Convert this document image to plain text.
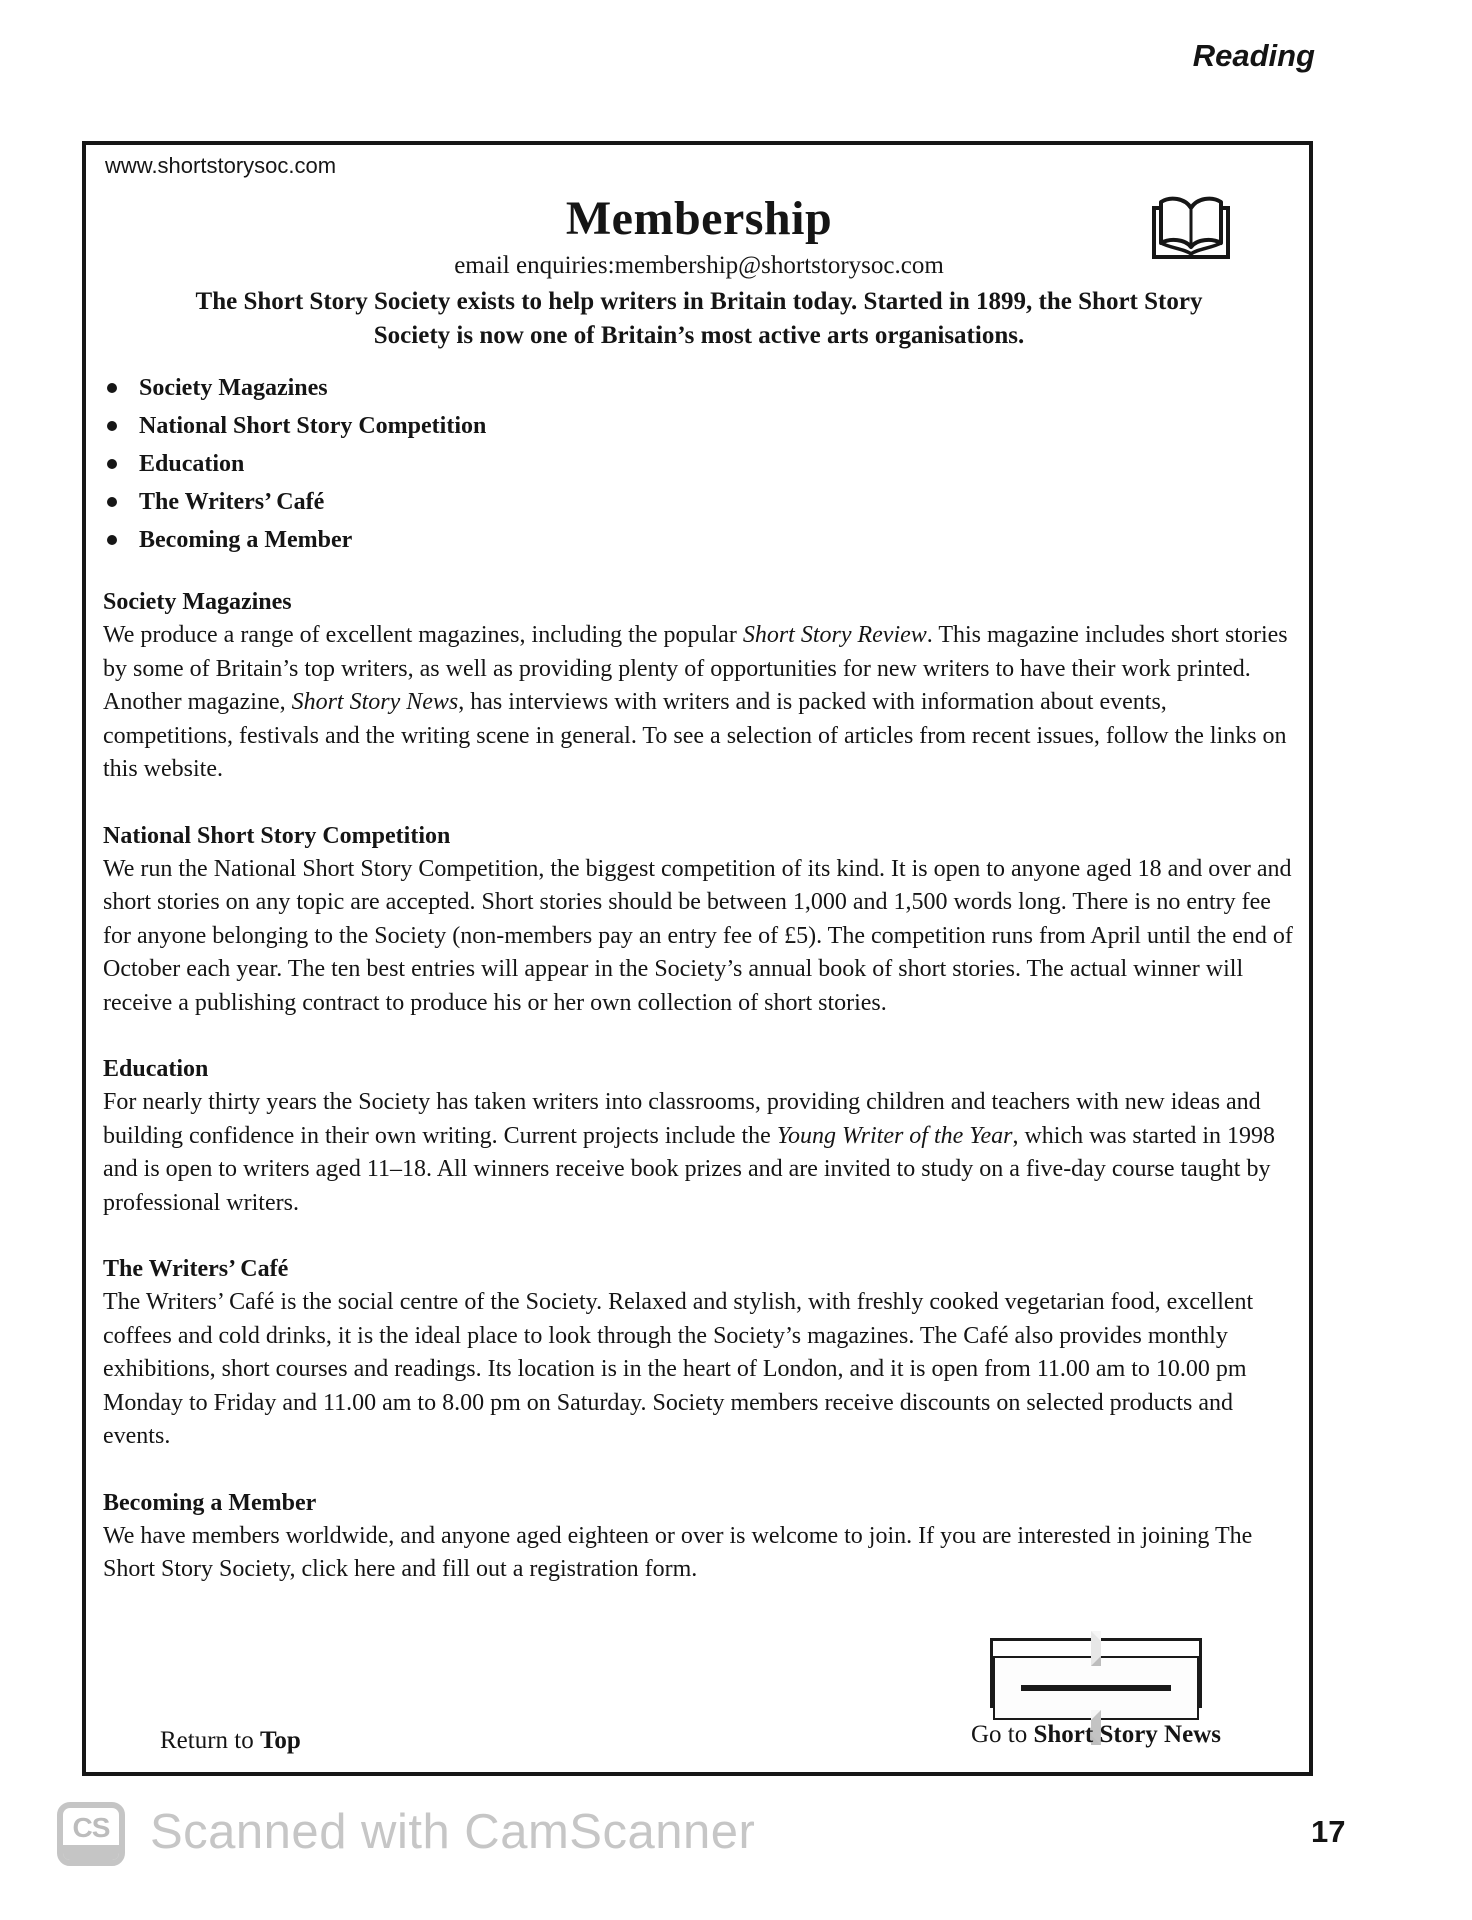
Reading
www.shortstorysoc.com
Membership
email enquiries:membership@shortstorysoc.com
The Short Story Society exists to help writers in Britain today. Started in 1899, the Short Story
Society is now one of Britain’s most active arts organisations.
Society Magazines
National Short Story Competition
Education
The Writers’ Café
Becoming a Member
Society Magazines

We produce a range of excellent magazines, including the popular Short Story Review. This magazine includes short stories by some of Britain’s top writers, as well as providing plenty of opportunities for new writers to have their work printed. Another magazine, Short Story News, has interviews with writers and is packed with information about events, competitions, festivals and the writing scene in general. To see a selection of articles from recent issues, follow the links on this website.

National Short Story Competition

We run the National Short Story Competition, the biggest competition of its kind. It is open to anyone aged 18 and over and short stories on any topic are accepted. Short stories should be between 1,000 and 1,500 words long. There is no entry fee for anyone belonging to the Society (non-members pay an entry fee of £5). The competition runs from April until the end of October each year. The ten best entries will appear in the Society’s annual book of short stories. The actual winner will receive a publishing contract to produce his or her own collection of short stories.

Education

For nearly thirty years the Society has taken writers into classrooms, providing children and teachers with new ideas and building confidence in their own writing. Current projects include the Young Writer of the Year, which was started in 1998 and is open to writers aged 11–18. All winners receive book prizes and are invited to study on a five-day course taught by professional writers.

The Writers’ Café

The Writers’ Café is the social centre of the Society. Relaxed and stylish, with freshly cooked vegetarian food, excellent coffees and cold drinks, it is the ideal place to look through the Society’s magazines. The Café also provides monthly exhibitions, short courses and readings. Its location is in the heart of London, and it is open from 11.00 am to 10.00 pm Monday to Friday and 11.00 am to 8.00 pm on Saturday. Society members receive discounts on selected products and events.

Becoming a Member

We have members worldwide, and anyone aged eighteen or over is welcome to join. If you are interested in joining The Short Story Society, click here and fill out a registration form.

Go to Short Story News
Return to Top
CS Scanned with CamScanner	17
